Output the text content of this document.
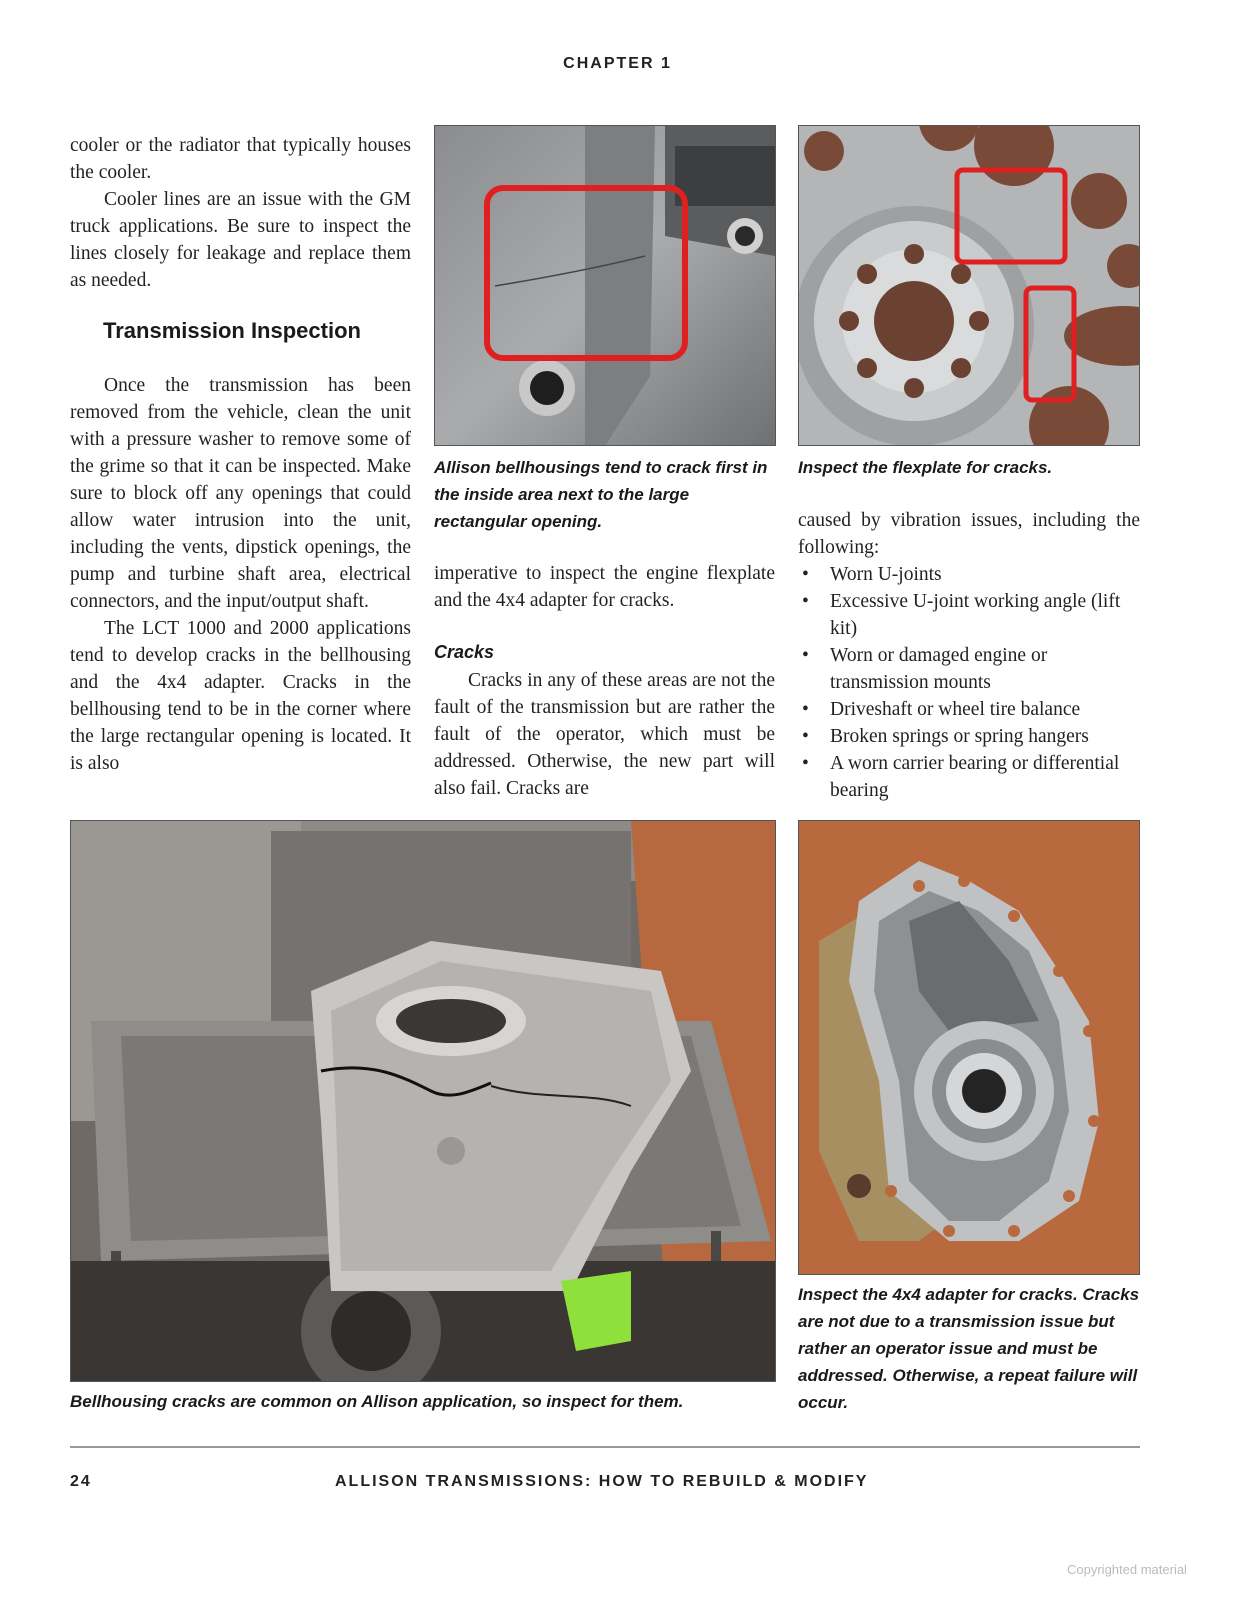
CHAPTER 1

cooler or the radiator that typically houses the cooler.

Cooler lines are an issue with the GM truck applications. Be sure to inspect the lines closely for leakage and replace them as needed.

Transmission Inspection

Once the transmission has been removed from the vehicle, clean the unit with a pressure washer to remove some of the grime so that it can be inspected. Make sure to block off any openings that could allow water intrusion into the unit, including the vents, dipstick openings, the pump and turbine shaft area, electrical connectors, and the input/output shaft.

The LCT 1000 and 2000 applications tend to develop cracks in the bellhousing and the 4x4 adapter. Cracks in the bellhousing tend to be in the corner where the large rectangular opening is located. It is also

Allison bellhousings tend to crack first in the inside area next to the large rectangular opening.

imperative to inspect the engine flexplate and the 4x4 adapter for cracks.

Cracks

Cracks in any of these areas are not the fault of the transmission but are rather the fault of the operator, which must be addressed. Otherwise, the new part will also fail. Cracks are

Inspect the flexplate for cracks.

caused by vibration issues, including the following:

• Worn U-joints
• Excessive U-joint working angle (lift kit)
• Worn or damaged engine or transmission mounts
• Driveshaft or wheel tire balance
• Broken springs or spring hangers
• A worn carrier bearing or differential bearing
Bellhousing cracks are common on Allison application, so inspect for them.
Inspect the 4x4 adapter for cracks. Cracks are not due to a transmission issue but rather an operator issue and must be addressed. Otherwise, a repeat failure will occur.
24	ALLISON TRANSMISSIONS: HOW TO REBUILD & MODIFY
Copyrighted material
